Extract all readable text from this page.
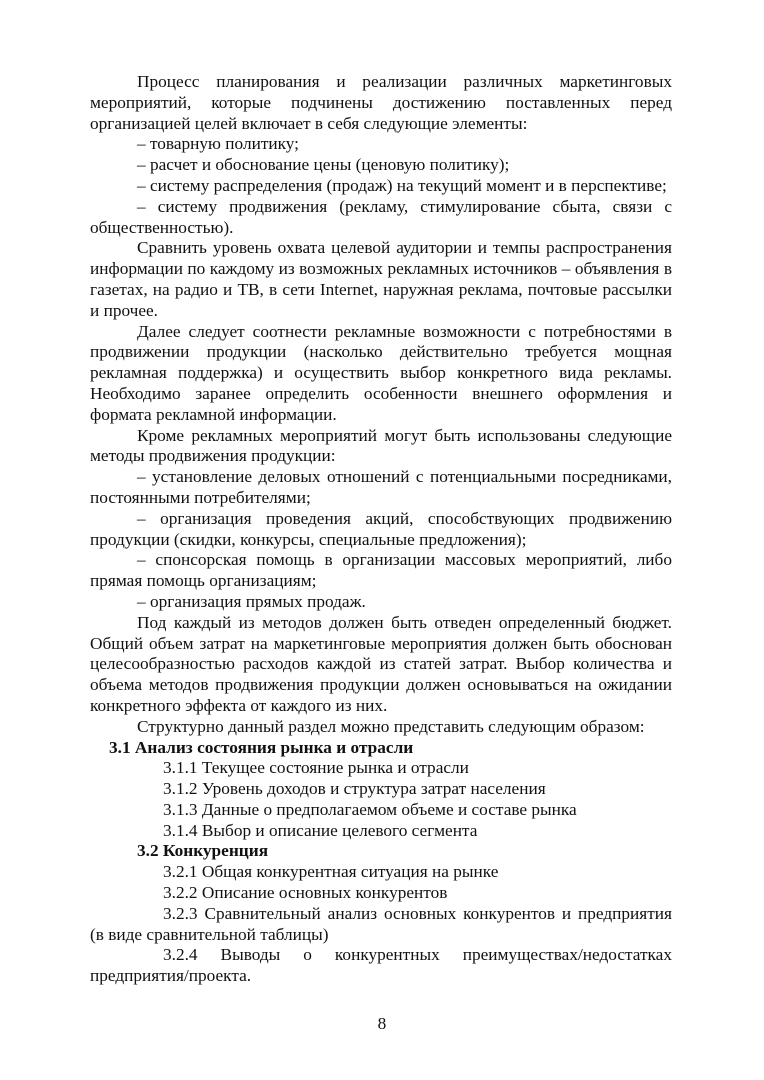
Процесс планирования и реализации различных маркетинговых мероприятий, которые подчинены достижению поставленных перед организацией целей включает в себя следующие элементы:

– товарную политику;

– расчет и обоснование цены (ценовую политику);

– систему распределения (продаж) на текущий момент и в перспективе;

– систему продвижения (рекламу, стимулирование сбыта, связи с общественностью).

Сравнить уровень охвата целевой аудитории и темпы распространения информации по каждому из возможных рекламных источников – объявления в газетах, на радио и ТВ, в сети Internet, наружная реклама, почтовые рассылки и прочее.

Далее следует соотнести рекламные возможности с потребностями в продвижении продукции (насколько действительно требуется мощная рекламная поддержка) и осуществить выбор конкретного вида рекламы. Необходимо заранее определить особенности внешнего оформления и формата рекламной информации.

Кроме рекламных мероприятий могут быть использованы следующие методы продвижения продукции:

– установление деловых отношений с потенциальными посредниками, постоянными потребителями;

– организация проведения акций, способствующих продвижению продукции (скидки, конкурсы, специальные предложения);

– спонсорская помощь в организации массовых мероприятий, либо прямая помощь организациям;

– организация прямых продаж.

Под каждый из методов должен быть отведен определенный бюджет. Общий объем затрат на маркетинговые мероприятия должен быть обоснован целесообразностью расходов каждой из статей затрат. Выбор количества и объема методов продвижения продукции должен основываться на ожидании конкретного эффекта от каждого из них.

Структурно данный раздел можно представить следующим образом:

3.1 Анализ состояния рынка и отрасли

3.1.1 Текущее состояние рынка и отрасли

3.1.2 Уровень доходов и структура затрат населения

3.1.3 Данные о предполагаемом объеме и составе рынка

3.1.4 Выбор и описание целевого сегмента

3.2 Конкуренция

3.2.1 Общая конкурентная ситуация на рынке

3.2.2 Описание основных конкурентов

3.2.3 Сравнительный анализ основных конкурентов и предприятия (в виде сравнительной таблицы)

3.2.4 Выводы о конкурентных преимуществах/недостатках предприятия/проекта.

8
